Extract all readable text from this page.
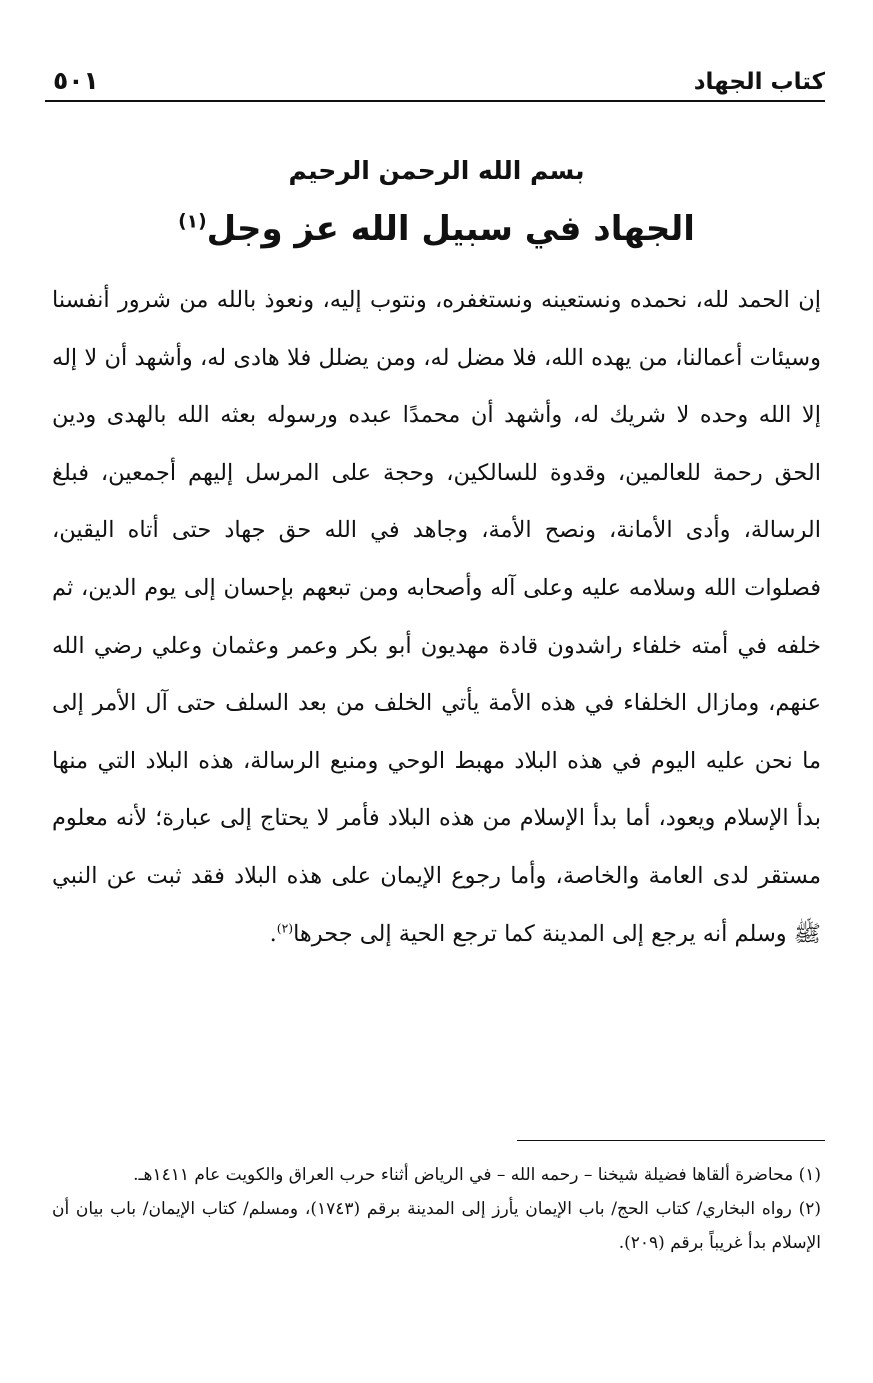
كتاب الجهاد
٥٠١
بسم الله الرحمن الرحيم
الجهاد في سبيل الله عز وجل$^{(١)}$

إن الحمد لله، نحمده ونستعينه ونستغفره، ونتوب إليه، ونعوذ بالله من شرور أنفسنا وسيئات أعمالنا، من يهده الله، فلا مضل له، ومن يضلل فلا هادى له، وأشهد أن لا إله إلا الله وحده لا شريك له، وأشهد أن محمدًا عبده ورسوله بعثه الله بالهدى ودين الحق رحمة للعالمين، وقدوة للسالكين، وحجة على المرسل إليهم أجمعين، فبلغ الرسالة، وأدى الأمانة، ونصح الأمة، وجاهد في الله حق جهاد حتى أتاه اليقين، فصلوات الله وسلامه عليه وعلى آله وأصحابه ومن تبعهم بإحسان إلى يوم الدين، ثم خلفه في أمته خلفاء راشدون قادة مهديون أبو بكر وعمر وعثمان وعلي رضي الله عنهم، ومازال الخلفاء في هذه الأمة يأتي الخلف من بعد السلف حتى آل الأمر إلى ما نحن عليه اليوم في هذه البلاد مهبط الوحي ومنبع الرسالة، هذه البلاد التي منها بدأ الإسلام ويعود، أما بدأ الإسلام من هذه البلاد فأمر لا يحتاج إلى عبارة؛ لأنه معلوم مستقر لدى العامة والخاصة، وأما رجوع الإيمان على هذه البلاد فقد ثبت عن النبي ﷺ وسلم أنه يرجع إلى المدينة كما ترجع الحية إلى جحرها$^{(٢)}$.

(١) محاضرة ألقاها فضيلة شيخنا – رحمه الله – في الرياض أثناء حرب العراق والكويت عام ١٤١١هـ.

(٢) رواه البخاري/ كتاب الحج/ باب الإيمان يأرز إلى المدينة برقم (١٧٤٣)، ومسلم/ كتاب الإيمان/ باب بيان أن الإسلام بدأ غريباً برقم (٢٠٩).
